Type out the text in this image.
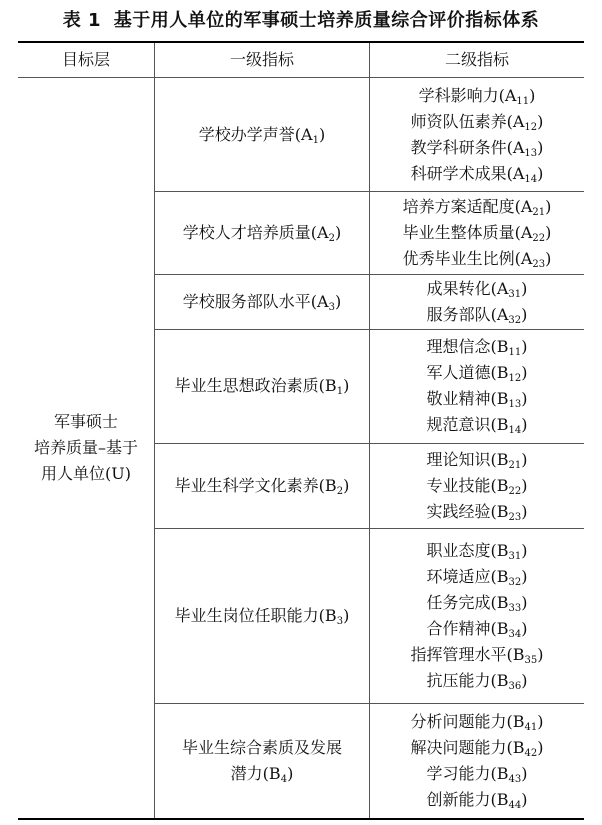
表 1 基于用人单位的军事硕士培养质量综合评价指标体系
目标层	一级指标	二级指标
军事硕士
培养质量–基于
用人单位(U)
学校办学声誉$(A_1)$
学科影响力$(A_{11})$
师资队伍素养$(A_{12})$
教学科研条件$(A_{13})$
科研学术成果$(A_{14})$
学校人才培养质量$(A_2)$
培养方案适配度$(A_{21})$
毕业生整体质量$(A_{22})$
优秀毕业生比例$(A_{23})$
学校服务部队水平$(A_3)$
成果转化$(A_{31})$
服务部队$(A_{32})$
毕业生思想政治素质$(B_1)$
理想信念$(B_{11})$
军人道德$(B_{12})$
敬业精神$(B_{13})$
规范意识$(B_{14})$
毕业生科学文化素养$(B_2)$
理论知识$(B_{21})$
专业技能$(B_{22})$
实践经验$(B_{23})$
毕业生岗位任职能力$(B_3)$
职业态度$(B_{31})$
环境适应$(B_{32})$
任务完成$(B_{33})$
合作精神$(B_{34})$
指挥管理水平$(B_{35})$
抗压能力$(B_{36})$
毕业生综合素质及发展
潜力$(B_4)$
分析问题能力$(B_{41})$
解决问题能力$(B_{42})$
学习能力$(B_{43})$
创新能力$(B_{44})$
